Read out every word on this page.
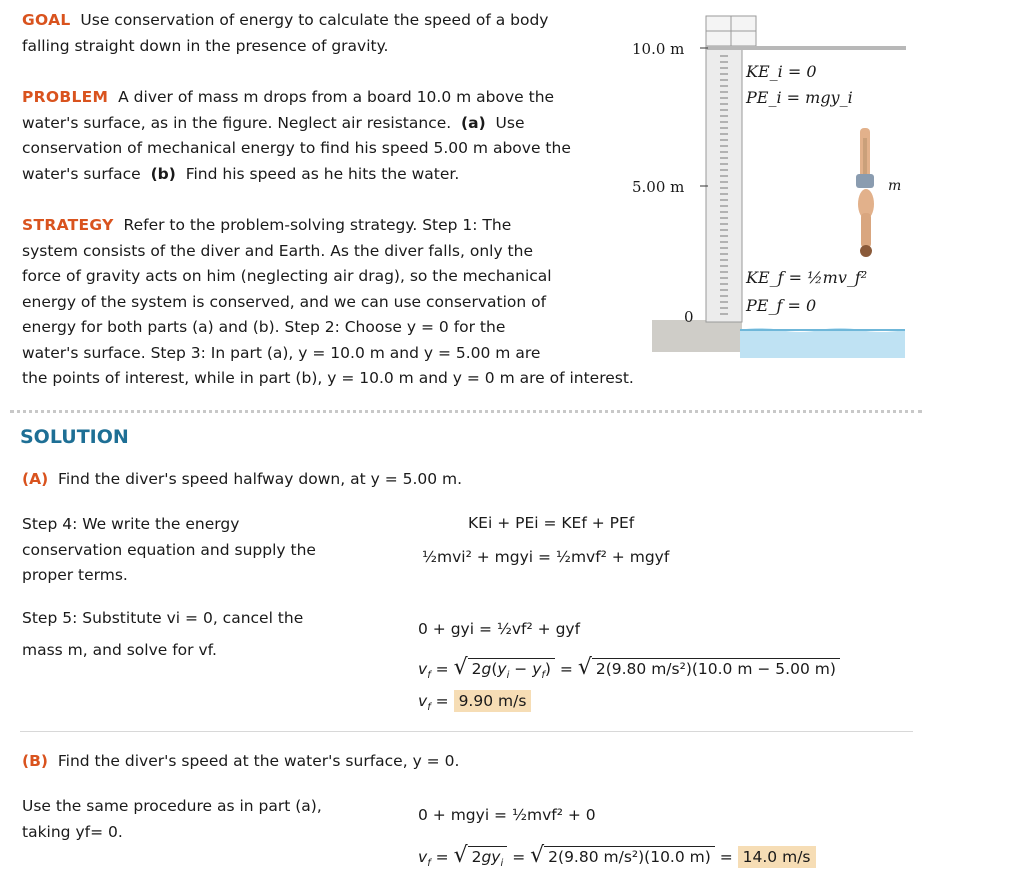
GOAL Use conservation of energy to calculate the speed of a body
falling straight down in the presence of gravity.
PROBLEM A diver of mass m drops from a board 10.0 m above the
water's surface, as in the figure. Neglect air resistance. (a) Use
conservation of mechanical energy to find his speed 5.00 m above the
water's surface (b) Find his speed as he hits the water.
STRATEGY Refer to the problem-solving strategy. Step 1: The
system consists of the diver and Earth. As the diver falls, only the
force of gravity acts on him (neglecting air drag), so the mechanical
energy of the system is conserved, and we can use conservation of
energy for both parts (a) and (b). Step 2: Choose y = 0 for the
water's surface. Step 3: In part (a), y = 10.0 m and y = 5.00 m are
the points of interest, while in part (b), y = 10.0 m and y = 0 m are of interest.
10.0 m
5.00 m
0
KE_i = 0
PE_i = mgy_i
KE_f = ½mv_f²
PE_f = 0
m
SOLUTION
(A) Find the diver's speed halfway down, at y = 5.00 m.
Step 4: We write the energy
conservation equation and supply the
proper terms.
KEi + PEi = KEf + PEf
½mvi² + mgyi = ½mvf² + mgyf
Step 5: Substitute vi = 0, cancel the
mass m, and solve for vf.
0 + gyi = ½vf² + gyf
$v_f$ = √ $2g(y_i - y_f)$ = √ 2(9.80 m/s²)(10.0 m − 5.00 m)
$v_f = 9.90$ m/s
(B) Find the diver's speed at the water's surface, y = 0.
Use the same procedure as in part (a),
taking yf= 0.
0 + mgyi = ½mvf² + 0
$v_f$ = √ $2gy_i$ = √ 2(9.80 m/s²)(10.0 m) = 14.0 m/s
